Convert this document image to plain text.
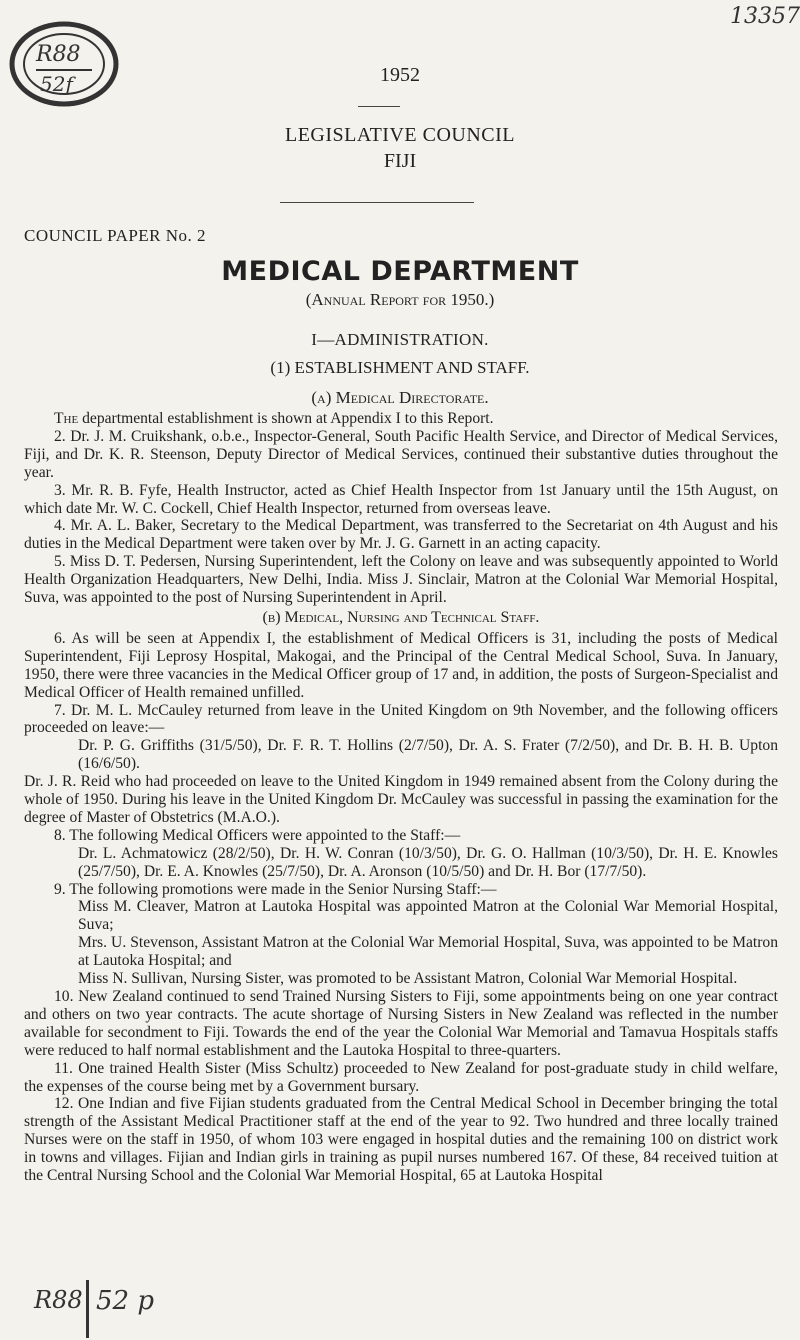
R88
52f
13357
1952
LEGISLATIVE COUNCIL
FIJI
COUNCIL PAPER No. 2
MEDICAL DEPARTMENT
(Annual Report for 1950.)
I—ADMINISTRATION.
(1) ESTABLISHMENT AND STAFF.
(a) Medical Directorate.

The departmental establishment is shown at Appendix I to this Report.

2. Dr. J. M. Cruikshank, o.b.e., Inspector-General, South Pacific Health Service, and Director of Medical Services, Fiji, and Dr. K. R. Steenson, Deputy Director of Medical Services, continued their substantive duties throughout the year.

3. Mr. R. B. Fyfe, Health Instructor, acted as Chief Health Inspector from 1st January until the 15th August, on which date Mr. W. C. Cockell, Chief Health Inspector, returned from overseas leave.

4. Mr. A. L. Baker, Secretary to the Medical Department, was transferred to the Secretariat on 4th August and his duties in the Medical Department were taken over by Mr. J. G. Garnett in an acting capacity.

5. Miss D. T. Pedersen, Nursing Superintendent, left the Colony on leave and was subsequently appointed to World Health Organization Headquarters, New Delhi, India. Miss J. Sinclair, Matron at the Colonial War Memorial Hospital, Suva, was appointed to the post of Nursing Superintendent in April.

(b) Medical, Nursing and Technical Staff.

6. As will be seen at Appendix I, the establishment of Medical Officers is 31, including the posts of Medical Superintendent, Fiji Leprosy Hospital, Makogai, and the Principal of the Central Medical School, Suva. In January, 1950, there were three vacancies in the Medical Officer group of 17 and, in addition, the posts of Surgeon-Specialist and Medical Officer of Health remained unfilled.

7. Dr. M. L. McCauley returned from leave in the United Kingdom on 9th November, and the following officers proceeded on leave:—

Dr. P. G. Griffiths (31/5/50), Dr. F. R. T. Hollins (2/7/50), Dr. A. S. Frater (7/2/50), and Dr. B. H. B. Upton (16/6/50).

Dr. J. R. Reid who had proceeded on leave to the United Kingdom in 1949 remained absent from the Colony during the whole of 1950. During his leave in the United Kingdom Dr. McCauley was successful in passing the examination for the degree of Master of Obstetrics (M.A.O.).

8. The following Medical Officers were appointed to the Staff:—

Dr. L. Achmatowicz (28/2/50), Dr. H. W. Conran (10/3/50), Dr. G. O. Hallman (10/3/50), Dr. H. E. Knowles (25/7/50), Dr. E. A. Knowles (25/7/50), Dr. A. Aronson (10/5/50) and Dr. H. Bor (17/7/50).

9. The following promotions were made in the Senior Nursing Staff:—

Miss M. Cleaver, Matron at Lautoka Hospital was appointed Matron at the Colonial War Memorial Hospital, Suva;

Mrs. U. Stevenson, Assistant Matron at the Colonial War Memorial Hospital, Suva, was appointed to be Matron at Lautoka Hospital; and

Miss N. Sullivan, Nursing Sister, was promoted to be Assistant Matron, Colonial War Memorial Hospital.

10. New Zealand continued to send Trained Nursing Sisters to Fiji, some appointments being on one year contract and others on two year contracts. The acute shortage of Nursing Sisters in New Zealand was reflected in the number available for secondment to Fiji. Towards the end of the year the Colonial War Memorial and Tamavua Hospitals staffs were reduced to half normal establishment and the Lautoka Hospital to three-quarters.

11. One trained Health Sister (Miss Schultz) proceeded to New Zealand for post-graduate study in child welfare, the expenses of the course being met by a Government bursary.

12. One Indian and five Fijian students graduated from the Central Medical School in December bringing the total strength of the Assistant Medical Practitioner staff at the end of the year to 92. Two hundred and three locally trained Nurses were on the staff in 1950, of whom 103 were engaged in hospital duties and the remaining 100 on district work in towns and villages. Fijian and Indian girls in training as pupil nurses numbered 167. Of these, 84 received tuition at the Central Nursing School and the Colonial War Memorial Hospital, 65 at Lautoka Hospital

R88 52 p
